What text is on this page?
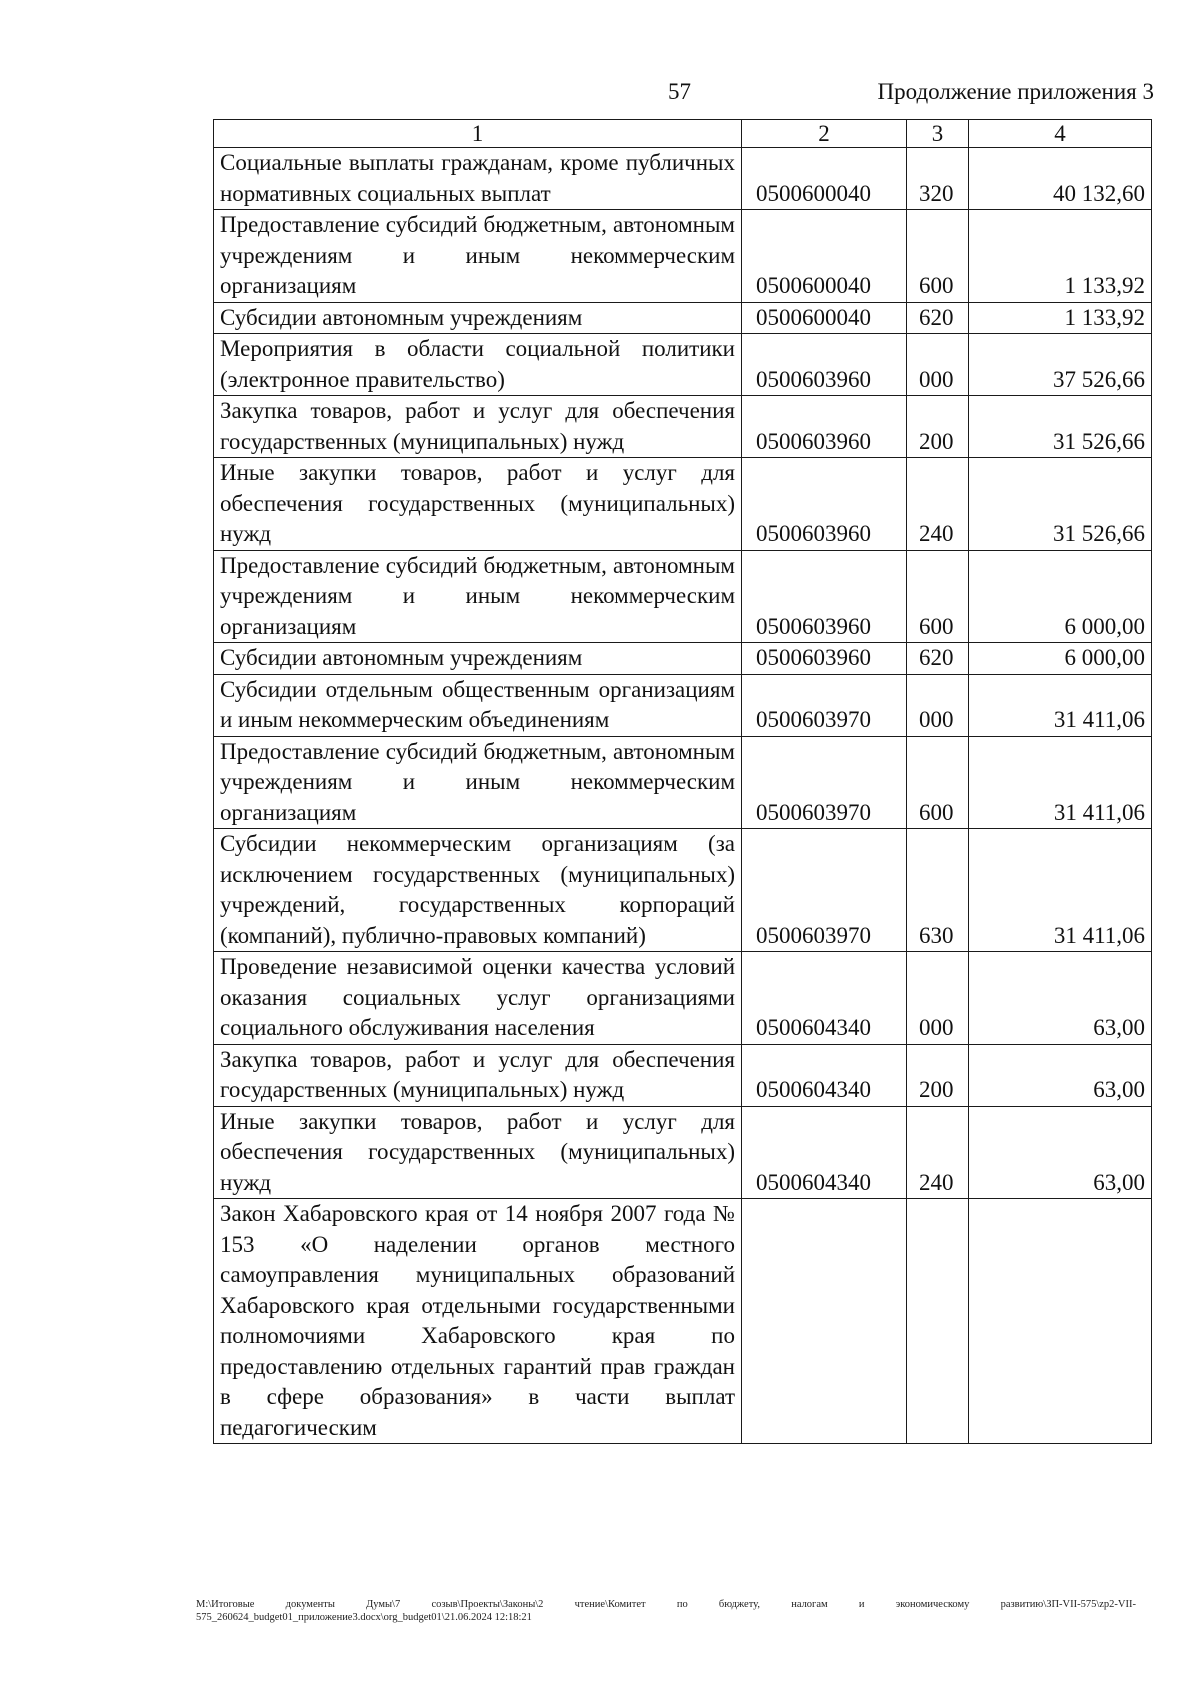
57	Продолжение приложения 3
1	2	3	4
Социальные выплаты гражданам, кроме публичных нормативных социальных выплат	0500600040	320	40 132,60
Предоставление субсидий бюджетным, автономным учреждениям и иным некоммерческим организациям	0500600040	600	1 133,92
Субсидии автономным учреждениям	0500600040	620	1 133,92
Мероприятия в области социальной политики (электронное правительство)	0500603960	000	37 526,66
Закупка товаров, работ и услуг для обеспечения государственных (муниципальных) нужд	0500603960	200	31 526,66
Иные закупки товаров, работ и услуг для обеспечения государственных (муниципальных) нужд	0500603960	240	31 526,66
Предоставление субсидий бюджетным, автономным учреждениям и иным некоммерческим организациям	0500603960	600	6 000,00
Субсидии автономным учреждениям	0500603960	620	6 000,00
Субсидии отдельным общественным организациям и иным некоммерческим объединениям	0500603970	000	31 411,06
Предоставление субсидий бюджетным, автономным учреждениям и иным некоммерческим организациям	0500603970	600	31 411,06
Субсидии некоммерческим организациям (за исключением государственных (муниципальных) учреждений, государственных корпораций (компаний), публично-правовых компаний)	0500603970	630	31 411,06
Проведение независимой оценки качества условий оказания социальных услуг организациями социального обслуживания населения	0500604340	000	63,00
Закупка товаров, работ и услуг для обеспечения государственных (муниципальных) нужд	0500604340	200	63,00
Иные закупки товаров, работ и услуг для обеспечения государственных (муниципальных) нужд	0500604340	240	63,00
Закон Хабаровского края от 14 ноября 2007 года № 153 «О наделении органов местного самоуправления муниципальных образований Хабаровского края отдельными государственными полномочиями Хабаровского края по предоставлению отдельных гарантий прав граждан в сфере образования» в части выплат педагогическим			
M:\Итоговые документы Думы\7 созыв\Проекты\Законы\2 чтение\Комитет по бюджету, налогам и экономическому развитию\ЗП-VII-575\zp2-VII-575_260624_budget01_приложение3.docx\org_budget01\21.06.2024 12:18:21
